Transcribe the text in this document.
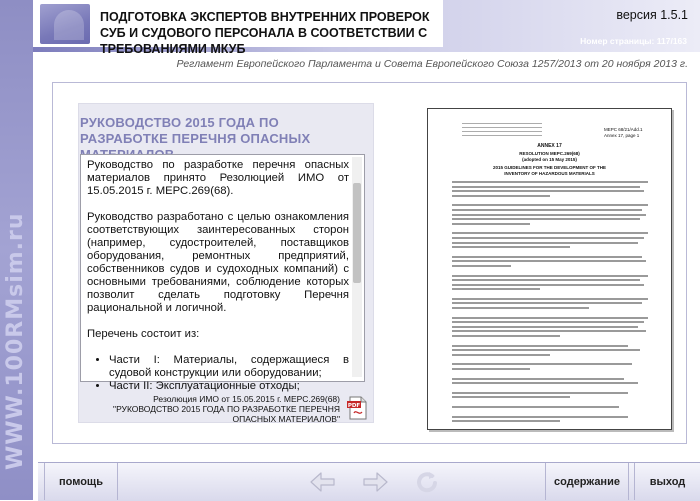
WWW.100RMsim.ru
ПОДГОТОВКА ЭКСПЕРТОВ ВНУТРЕННИХ ПРОВЕРОК СУБ И СУДОВОГО ПЕРСОНАЛА В СООТВЕТСТВИИ С ТРЕБОВАНИЯМИ МКУБ
версия 1.5.1
Номер страницы: 117/163
Регламент Европейского Парламента и Совета Европейского Союза 1257/2013 от 20 ноября 2013 г.
РУКОВОДСТВО 2015 ГОДА ПО РАЗРАБОТКЕ ПЕРЕЧНЯ ОПАСНЫХ

Руководство по разработке перечня опасных материалов принято Резолюцией ИМО от 15.05.2015 г. МЕРС.269(68).

Руководство разработано с целью ознакомления соответствующих заинтересованных сторон (например, судостроителей, поставщиков оборудования, ремонтных предприятий, собственников судов и судоходных компаний) с основными требованиями, соблюдение которых позволит сделать подготовку Перечня рациональной и логичной.

Перечень состоит из:

• Части I: Материалы, содержащиеся в судовой конструкции или оборудовании;
• Части II: Эксплуатационные отходы;
Резолюция ИМО от 15.05.2015 г. МЕРС.269(68)
"РУКОВОДСТВО 2015 ГОДА ПО РАЗРАБОТКЕ ПЕРЕЧНЯ ОПАСНЫХ МАТЕРИАЛОВ"
PDF
MEPC 68/21/Add.1
Annex 17, page 1
ANNEX 17
RESOLUTION MEPC.269(68)
(adopted on 15 May 2015)
2015 GUIDELINES FOR THE DEVELOPMENT OF THE
INVENTORY OF HAZARDOUS MATERIALS
помощь	содержание	выход
